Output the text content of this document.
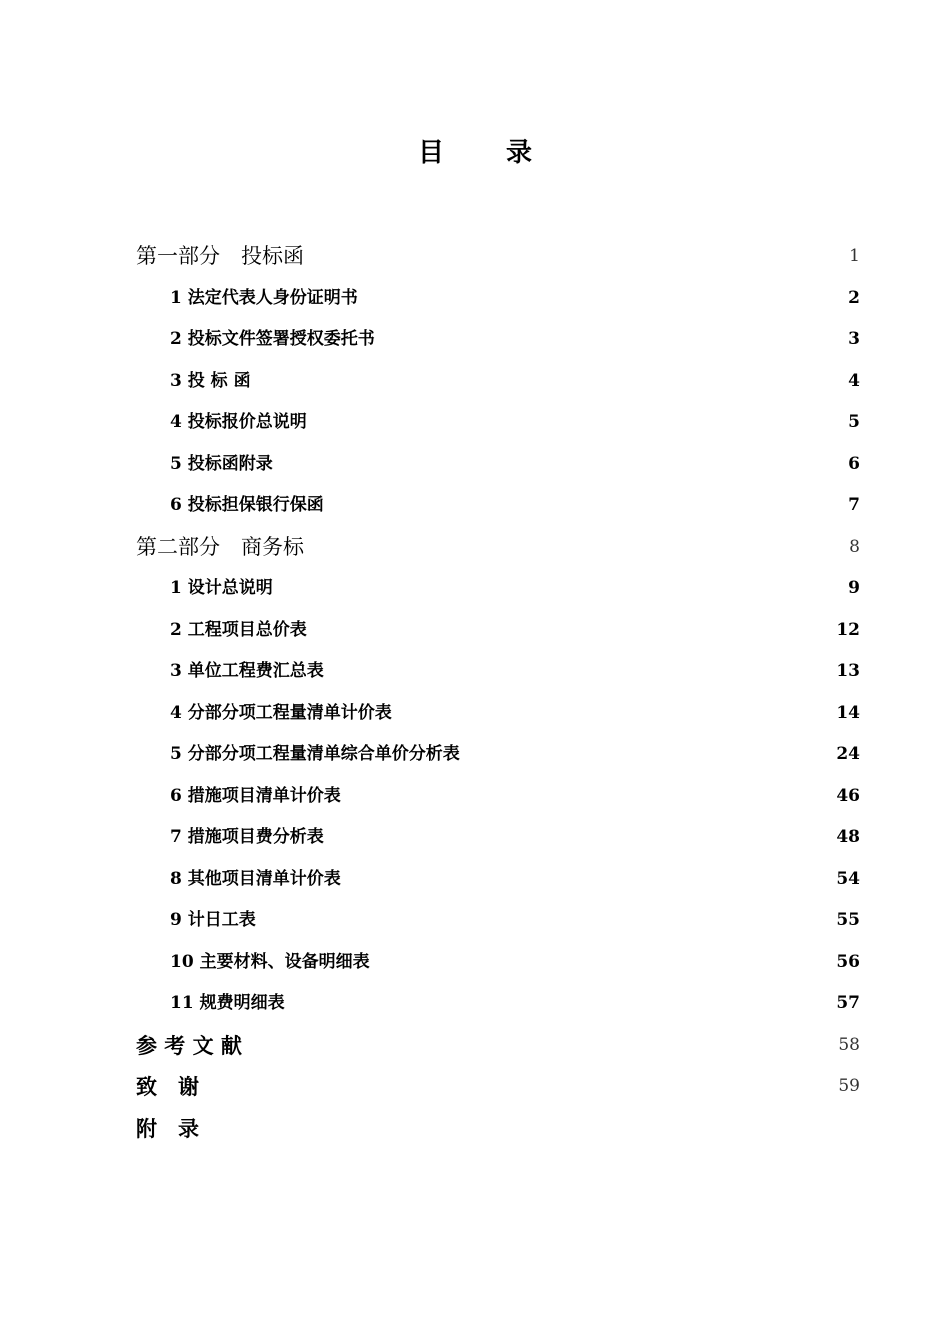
目　录
第一部分　投标函	1
1 法定代表人身份证明书	2
2 投标文件签署授权委托书	3
3 投 标 函	4
4 投标报价总说明	5
5 投标函附录	6
6 投标担保银行保函	7
第二部分　商务标	8
1 设计总说明	9
2 工程项目总价表	12
3 单位工程费汇总表	13
4 分部分项工程量清单计价表	14
5 分部分项工程量清单综合单价分析表	24
6 措施项目清单计价表	46
7 措施项目费分析表	48
8 其他项目清单计价表	54
9 计日工表	55
10 主要材料、设备明细表	56
11 规费明细表	57
参 考 文 献	58
致　谢	59
附　录
